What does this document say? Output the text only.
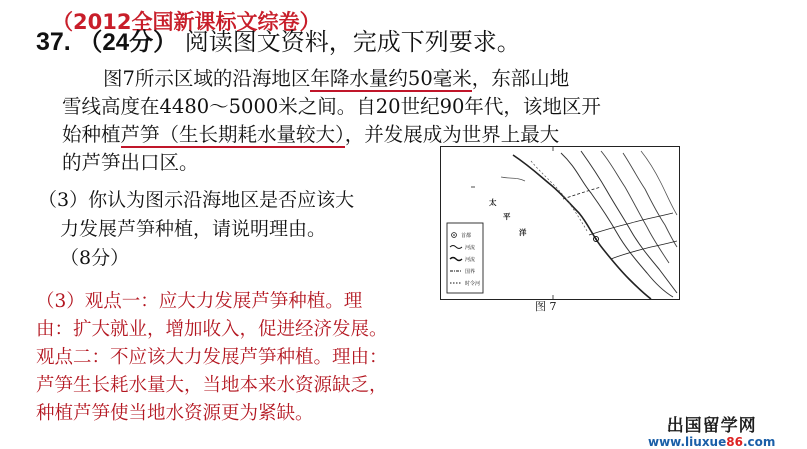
（2012全国新课标文综卷）
37. （24分） 阅读图文资料，完成下列要求。
图7所示区域的沿海地区年降水量约50毫米，东部山地
雪线高度在4480～5000米之间。自20世纪90年代，该地区开
始种植芦笋（生长期耗水量较大），并发展成为世界上最大
的芦笋出口区。
（3）你认为图示沿海地区是否应该大
力发展芦笋种植，请说明理由。
（8分）
（3）观点一：应大力发展芦笋种植。理
由：扩大就业，增加收入，促进经济发展。
观点二：不应该大力发展芦笋种植。理由：
芦笋生长耗水量大，当地本来水资源缺乏，
种植芦笋使当地水资源更为紧缺。
太
平
洋
首都
河流
河流
国界
时令河
图 7
出国留学网
www.liuxue86.com
